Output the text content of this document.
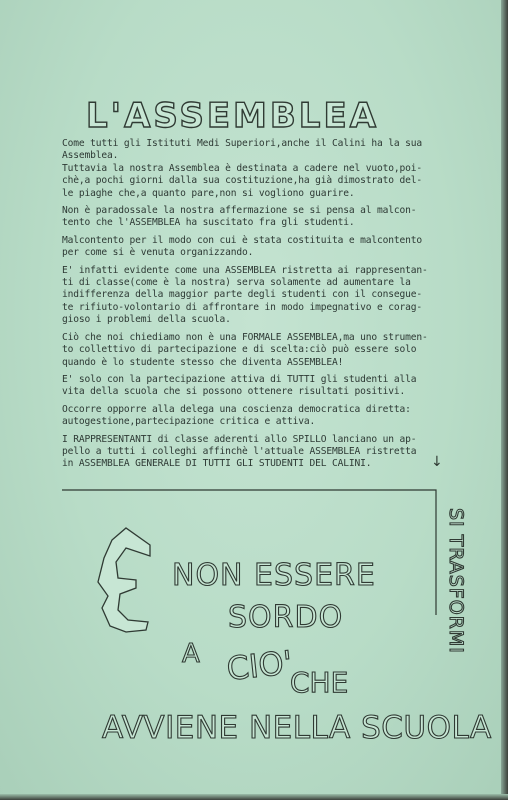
L'ASSEMBLEA

Come tutti gli Istituti Medi Superiori,anche il Calini ha la sua
Assemblea.
Tuttavia la nostra Assemblea è destinata a cadere nel vuoto,poi-
chè,a pochi giorni dalla sua costituzione,ha già dimostrato del-
le piaghe che,a quanto pare,non si vogliono guarire.

Non è paradossale la nostra affermazione se si pensa al malcon-
tento che l'ASSEMBLEA ha suscitato fra gli studenti.

Malcontento per il modo con cui è stata costituita e malcontento
per come si è venuta organizzando.

E' infatti evidente come una ASSEMBLEA ristretta ai rappresentan-
ti di classe(come è la nostra) serva solamente ad aumentare la
indifferenza della maggior parte degli studenti con il consegue-
te rifiuto-volontario di affrontare in modo impegnativo e corag-
gioso i problemi della scuola.

Ciò che noi chiediamo non è una FORMALE ASSEMBLEA,ma uno strumen-
to collettivo di partecipazione e di scelta:ciò può essere solo
quando è lo studente stesso che diventa ASSEMBLEA!

E' solo con la partecipazione attiva di TUTTI gli studenti alla
vita della scuola che si possono ottenere risultati positivi.

Occorre opporre alla delega una coscienza democratica diretta:
autogestione,partecipazione critica e attiva.

I RAPPRESENTANTI di classe aderenti allo SPILLO lanciano un ap-
pello a tutti i colleghi affinchè l'attuale ASSEMBLEA ristretta
in ASSEMBLEA GENERALE DI TUTTI GLI STUDENTI DEL CALINI.	↓
SI TRASFORMI
E
NON ESSERE
SORDO
A CIO'
CHE
AVVIENE NELLA SCUOLA
